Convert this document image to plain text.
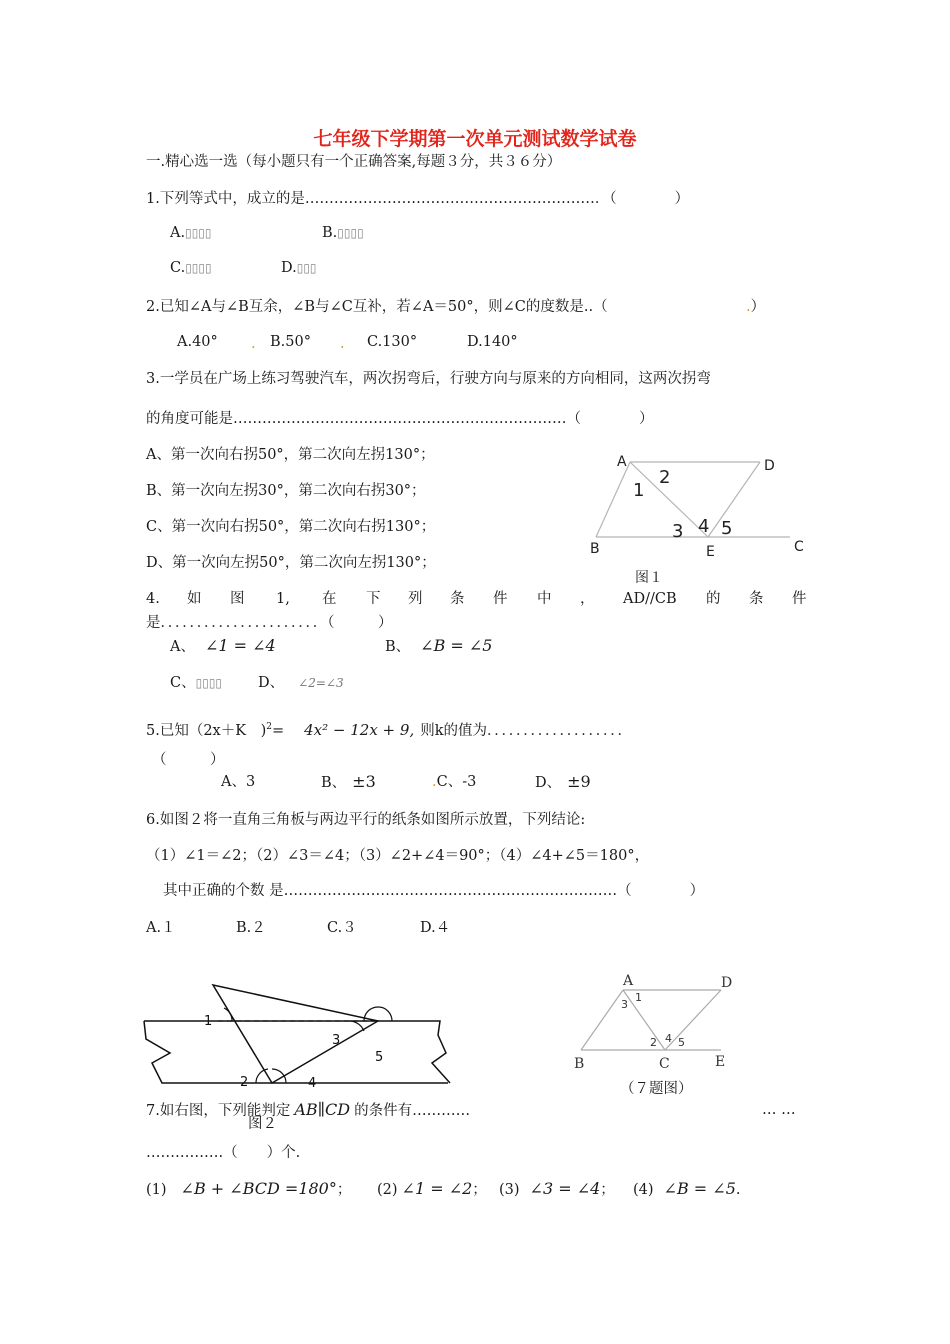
七年级下学期第一次单元测试数学试卷
一.精心选一选（每小题只有一个正确答案,每题３分，共３６分）
1.下列等式中，成立的是……………………………………………………．（　　　　）
A.▯▯▯▯	B.▯▯▯▯
C.▯▯▯▯	D.▯▯▯
2.已知∠A与∠B互余，∠B与∠C互补，若∠A＝50°，则∠C的度数是..（	.）
A.40°	B.50°	C.130°	D.140°
.	.
3.一学员在广场上练习驾驶汽车，两次拐弯后，行驶方向与原来的方向相同，这两次拐弯
的角度可能是……………………………………………………………（　　　　）
A、第一次向右拐50°，第二次向左拐130°；
B、第一次向左拐30°，第二次向右拐30°；
C、第一次向右拐50°，第二次向右拐130°；
D、第一次向左拐50°，第二次向左拐130°；
A	D
B	E	C
1
2
3 4 5
图１
4. 如 图 1, 在 下 列 条 件 中 ， AD//CB 的 条 件
是．．．．．．．．．．．．．．．．．．．．．．（　　　）
A、 ∠1 = ∠4	B、 ∠B = ∠5
C、▯▯▯▯ D、 ∠2=∠3
5.已知（2x＋K　)$^2$= 4x² − 12x + 9, 则k的值为．．．．．．．．．．．．．．．．．．．
（　　　）
A、3	B、 ±3	.C、-3	D、 ±9
6.如图２将一直角三角板与两边平行的纸条如图所示放置，下列结论:
（1）∠1＝∠2；（2）∠3＝∠4；（3）∠2+∠4＝90°；（4）∠4+∠5＝180°，
其中正确的个数 是……………………………………………………………（　　　　）
A.１	B.２	C.３	D.４
1
2
3
4
5
图２
A	D
B	C	E
1
3
2 4 5
（７题图）
7.如右图，下列能判定 AB∥CD 的条件有…………	… …
…………….（　　）个.
(1) ∠B + ∠BCD =180°； (2) ∠1 = ∠2； (3) ∠3 = ∠4； (4) ∠B = ∠5.
